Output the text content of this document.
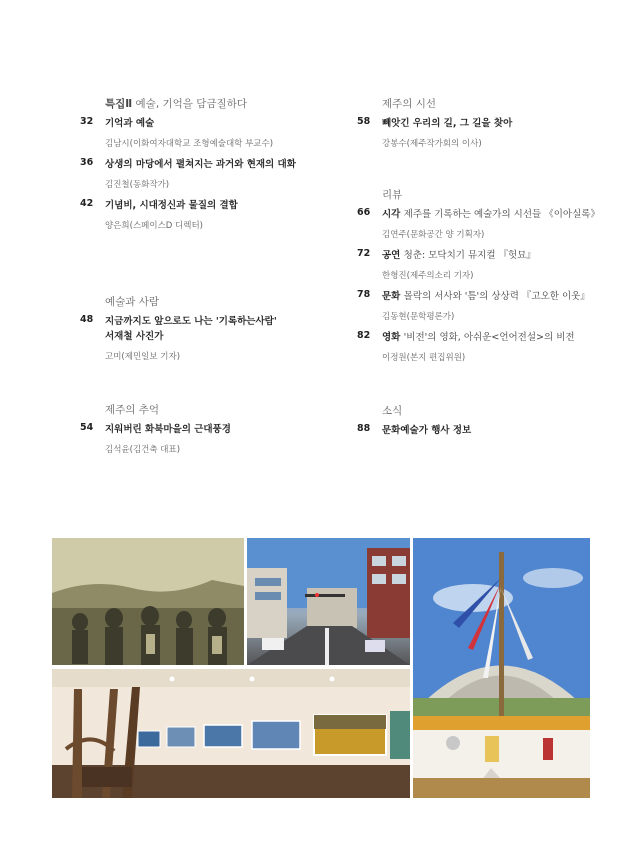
특집Ⅱ 예술, 기억을 담금질하다
32 기억과 예술
김남시(이화여자대학교 조형예술대학 부교수)
36 상생의 마당에서 펼쳐지는 과거와 현재의 대화
김진철(동화작가)
42 기념비, 시대정신과 물질의 결합
양은희(스페이스D 디렉터)
예술과 사람
48 지금까지도 앞으로도 나는 '기록하는사람'
서재철 사진가
고미(제민일보 기자)
제주의 추억
54 지워버린 화북마을의 근대풍경
김석윤(김건축 대표)
제주의 시선
58 빼앗긴 우리의 길, 그 길을 찾아
강봉수(제주작가회의 이사)
리뷰
66 시각 제주를 기록하는 예술가의 시선들 《이아실록》
김연주(문화공간 양 기획자)
72 공연 청춘: 모닥치기 뮤지컬 『헛묘』
한형진(제주의소리 기자)
78 문화 몰락의 서사와 '틈'의 상상력 『고오한 이웃』
김동현(문학평론가)
82 영화 '비전'의 영화, 아쉬운<언어전설>의 비전
이정원(본지 편집위원)
소식
88 문화예술가 행사 정보
